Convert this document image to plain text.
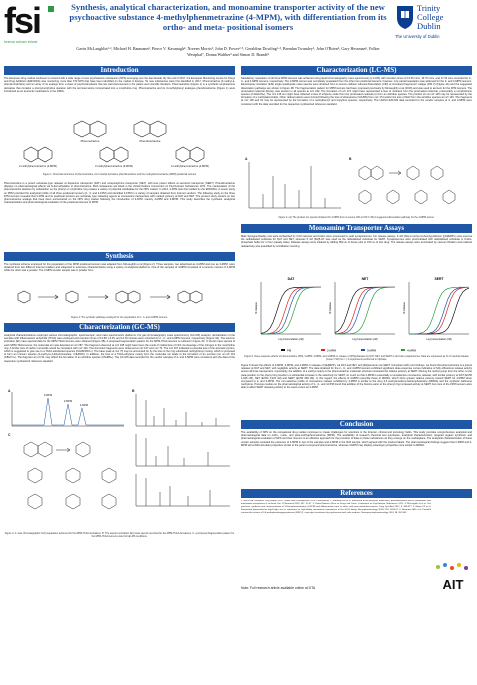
fsi
forensic science ireland
Synthesis, analytical characterization, and monoamine transporter activity of the new psychoactive substance 4-methylphenmetrazine (4-MPM), with differentiation from its ortho- and meta- positional isomers
Gavin McLaughlin¹·², Michael H. Baumann³, Pierce V. Kavanagh⁴, Noreen Morris², John D. Power²·⁵, Geraldine Dowling¹·⁴, Brendan Twamley⁶, John O'Brien⁶, Gary Hessman⁶, Folker Westphal⁷, Donna Walther³ and Simon D. Brandt⁸
Trinity
College
Dublin
The University of Dublin
Introduction
The European drug market continues to contend with a wide range of new psychoactive substances (NPS) emerging over the last decade. By the end of 2017, the European Monitoring Centre for Drugs and Drug Addiction (EMCDDA) was monitoring more than 670 NPS that have been identified on the market in Europe, 51 new substances were first identified in 2017. Phenmetrazine (3-methyl-2-phenylmorpholine) and an array of its analogs form a class of psychostimulants that are well documented in the patent and scientific literature. Phenmetrazine (Figure 1) is a synthetic amphetamine derivative that contains a phenylmorpholine skeleton with the terminal amine incorporated into a morpholine ring. Phenmetrazine and its 3-methylphenyl analogue phendimetrazine (Figure 1) were introduced as an anorectic medications in the 1950s.
Phenmetrazine	Phendimetrazine
2-methylphenmetrazine (2-MPM)	3-methylphenmetrazine (3-MPM)	4-methylphenmetrazine (4-MPM)
Figure 1: Chemical structures of phenmetrazine, its N-methyl derivative phendimetrazine and the methylphenmetrazine (MPM) positional isomers
Phenmetrazine is a potent substrate-type releaser at dopamine transporter (DAT) and norepinephrine transporter (NET), with less potent effects at serotonin transporter (SERT). Phendimetrazine displays no pharmacological effects via N-demethylation to phenmetrazine. Both substances are listed in the United Nations Convention on Psychotropic Substances 1971. The manipulation of the phenmetrazine skeleton by substitution on the phenyl or morpholine ring creates a variety of potential candidates for the NPS market. In 2014, 3-FPM was first notified by the EMCDDA. A recent study on PRM provided the analytical profile of all three positional isomers (2-, 3- and 4-FPM) and identified 3-FPM in a variety of samples obtained from Internet vendors. The following study on the three FPM isomers revealed that 3-FPM and its positional isomers are substrate type releasing agents at monoamine transporters with marked potency at DAT and NET. The present study centers on two phenmetrazine analogs that have been encountered on the NPS drug market following the introduction of 3-FPM, namely 4-MPM and 3-MPM. This study describes the synthesis, analytical characterization and pharmacological evaluation of the positional isomers of MPM.
Synthesis
The synthesis scheme employed for the preparation of the MPM positional isomers was adapted from McLaughlin et al (Figure 2). Three samples, two advertised as 4-MPM and one as 3-MPM, were obtained from two different Internet retailers and subjected to extensive characterization using a variety of analytical platforms. One of the samples of 4-MPM consisted of a racemic mixture of 4-MPM while the other was a powder. The 3-MPM vendor sample was in powder form.
Figure 2: The synthetic pathway employed for the preparation of 2-, 3- and 4-MPM isomers.
Characterization (GC-MS)
Analytical characterizations employed various chromatographic, spectroscopic, and mass spectrometric platforms. For gas chromatography mass spectrometry (GC-MS) analysis, derivatization of the samples with trifluoroacetic anhydride (TFAA) was employed and retention times of 13.58, 14.05, and 14.16 minutes were recorded for 2-, 3-, and 4-MPM isomers, respectively (Figure 3A). The electron ionization (EI) mass spectral data for the MPM-TFAA isomers were obtained (Figure 3B). A proposed fragmentation pattern for the MPM-TFAA isomers is outlined in Figure 3C. In the EI mass spectra of each MPM-TFAA isomer, the molecular ion was detected at m/z 287. The fragment observed at m/z 168 might have been the result of radical loss of CF3 via cleavage of the nitrogen in the morpholine ring. A further loss of carbon monoxide would be consistent with m/z 140. Two dominant fragments were observed at m/z 167 and m/z 70. The m/z 167 indicated a potential loss of the aromatic portion, which is suggested to give rise to a TFAA-substituted species (C6H6F3NO+). The base peak at m/z 70 may be accounted for by the loss of the ring substituted methylphenyl moiety, which is proposed to form an iminium species (3-methyl-1,2-dihydrooxazete, C4H8NO). In addition, the loss of a TFAA-ethylene moiety from the molecular ion leads to the formation of an oxonium ion at m/z 119 (C8H7O+). The fragment at m/z 91 may reflect the formation of an aziridine species (C5H8N+). The GC-MS data recorded for the vendor samples of 3- and 4-MPM were consistent with the data of the respective synthesized reference standard.
A
2-MPM
3-MPM
4-MPM
B
C
Figure 3. A. Gas chromatographic (GC) separation achieved for the MPM-TFAA derivatives. B. The electron ionization (EI) mass spectra recorded for the MPM-TFAA derivatives. C. a proposed fragmentation pattern for the MPM-TFAA isomers under GC-EI-MS conditions.
Characterization (LC-MS)
Satisfactory separation of all three MPM isomers was achieved using liquid chromatography mass spectrometry (LC-MS) with retention times of 13.06 mins, 16.70 mins, and 17.33 mins recorded for 2-, 3-, and 4-MPM isomers, respectively. The 3-MPM isomer was completely separated from the other two positional isomers; however, only partial separation was achieved for the 3- and 4-MPM isomers. Electrospray ionization (ESI) single quadrupole mass spectra were obtained from in-source collision induced dissociation (CID) at increased fragmentor voltage (150 V) (Figure 4A) and the suggested dissociation pathways are shown in Figure 4B. The fragmentation pattern for MPM isomers had been proposed previously by McLaughlin et al (2016) and was used to account for the FPM isomers. The protonated molecule [M+H]+ was present in all spectra at m/z 192. The formation of m/z 174 might have represented a loss of methane from the protonated molecule, presumably a morpholinium species (C11H12N+). The m/z 146 ion might have reflected a loss of ethylene oxide from the protonated molecule to form an aziridine species. The product ion at m/z 145 may be represented by the formation of a methylated indole. Other radical cations were formed following the loss of ethenamine (C2H5N) from m/z 174 and/or the loss of NH3 from the aziridine species at m/z 146. The fragments at m/z 105 and 91 may be represented by the formation of a methylbenzyl and tropylium species, respectively. The UHPLC-ESI-MS data recorded for the vendor samples of 3- and 4-MPM were consistent with the data recorded for the respective synthesized reference standard.
A	B
Figure 4. (A) The product ion spectra obtained for 4-MPM from in-source CID at 150 V. (B) A suggested dissociation pathway for the 4-MPM isomer.
Monoamine Transporter Assays
Male Sprague-Dawley rats were euthanized by CO2 narcosis and brains were processed to yield synaptosomes. For release assays, 9 nM [3H]-1-methyl-4-phenylpyridinium ([3H]MPP+) was used as the radiolabeled substrate for DAT and NET, whereas 5 nM [3H]5-HT was used as the radiolabeled substrate for SERT. Synaptosomes were preincubated with radiolabeled substrate in Krebs-phosphate buffer for 1 hour (steady state). Release assays were initiated by adding 850 uL of tissue plus to 150 uL of test drug. The release assays were terminated by vacuum filtration and retained radioactivity was quantified by scintillation counting.
DAT
% Release
Log Concentration (nM)
NET
% Release
Log Concentration (nM)
SERT
% Release
Log Concentration (nM)
PM	2-MPM	3-MPM	4-MPM
Figure 5. Dose-response effects of phenmetrazine (PM), 2-MPM, 3-MPM, and 4-MPM on release of [3H]substrates by DAT, NET, and SERT in rat brain synaptosomes. Data are expressed as % of maximal release (mean ± SD) for n = 3 experiments performed in triplicate.
Figure 5 shows the effects of 2-MPM, 3-MPM, and 4-MPM on release of [3H]MPP+ via DAT and NET, and [3H]serotonin via SERT. Consistent with prior findings, we found that phenmetrazine is a potent releaser at DAT and NET, with negligible activity at SERT. The data obtained for the 2-, 3-, and 4-MPM isomers exhibited significant dose-response curves indicative of fully efficacious release activity across all three transporters. Importantly, the addition of a methyl moiety to the phenmetrazine molecular structure increased the relative potency at SERT. Moving the methyl group from the ortho- to the para-position on the phenyl ring results in a substantial increase in the selectivity for SERT, so much so that 4-MPM is essentially a nonselective monoamine releaser, with similar potency at DAT (EC50 1,926 nM), NET (EC50 1,933 nM) and SERT (EC50 408 nM). In this regard, the effects of 4-MPM resemble those of MDMA, which show greater relative potency toward SERT for 4-MPM when compared to 2- and 3-MPM. The non-selective profile of monoamine release exhibited by 4-MPM is similar to the drug 3,4-methylenedioxymethamphetamine (MDMA) and the synthetic cathinone methylone. Previous studies on the pharmacological activity of 3-, 4-, and 4-FPM found that addition of the fluorine atom to the phenyl ring increased activity at SERT, but none of the FPM isomers were able to affect SERT releasing activity to the same extent as 4-MPM.
Conclusion
The availability of NPS on the recreational drug market continues to create challenges for scientists in the forensic, clinical and toxicology fields. This study provides comprehensive analytical and pharmacological data on ortho-, meta-, and para-methylphenmetrazine (MPM). The availability of research chemical test purchases, analytical characterization, targeted organic synthesis, and pharmacological evaluation of NPS and their isomers is an effective approach for the provision of data on these substances as they emerge on the marketplace. The analytical characterization of these vendor samples revealed the presence of 4-MPM in two of the samples and 3-MPM in the third sample, which agreed with the product labels. The pharmacological findings suggest that 2-MPM and 3-MPM will exhibit stimulant properties similar to the parent compound phenmetrazine, whereas 4-MPM may display entactogen properties more similar to MDMA.
References
1. EMCDDA, European Drug Report 2018: Trends and Developments 2018, Luxembourg. 2. Rothman RB et al. Interaction of the anorectic medication, phendimetrazine and its metabolites with monoamine transporters in rat brain. Eur J Pharmacol 2002; 447: 51-57. 3. United Nations Office on Drugs and Crime, Convention on Psychotropic Substances 1971. 4. McLaughlin G et al. Test purchase, synthesis and characterization of 3-fluorophenmetrazine (3-FPM) and differentiation from its ortho- and para-substituted isomers. Drug Test Anal 2017; 9: 369-377. 5. Mayer FP et al. Fluorinated phenmetrazine legal highs act as substrates for high-affinity monoamine transporters of the SLC6 family. Neuropharmacology 2018; 134: 149-157. 6. Baumann MH et al. Powerful cocaine-like actions of 3,4-methylenedioxypyrovalerone (MDPV), a principal constituent of psychoactive bath salts products. Neuropsychopharmacology 2013; 38: 552-562.
AIT
Note: Full research article available online at DTA
